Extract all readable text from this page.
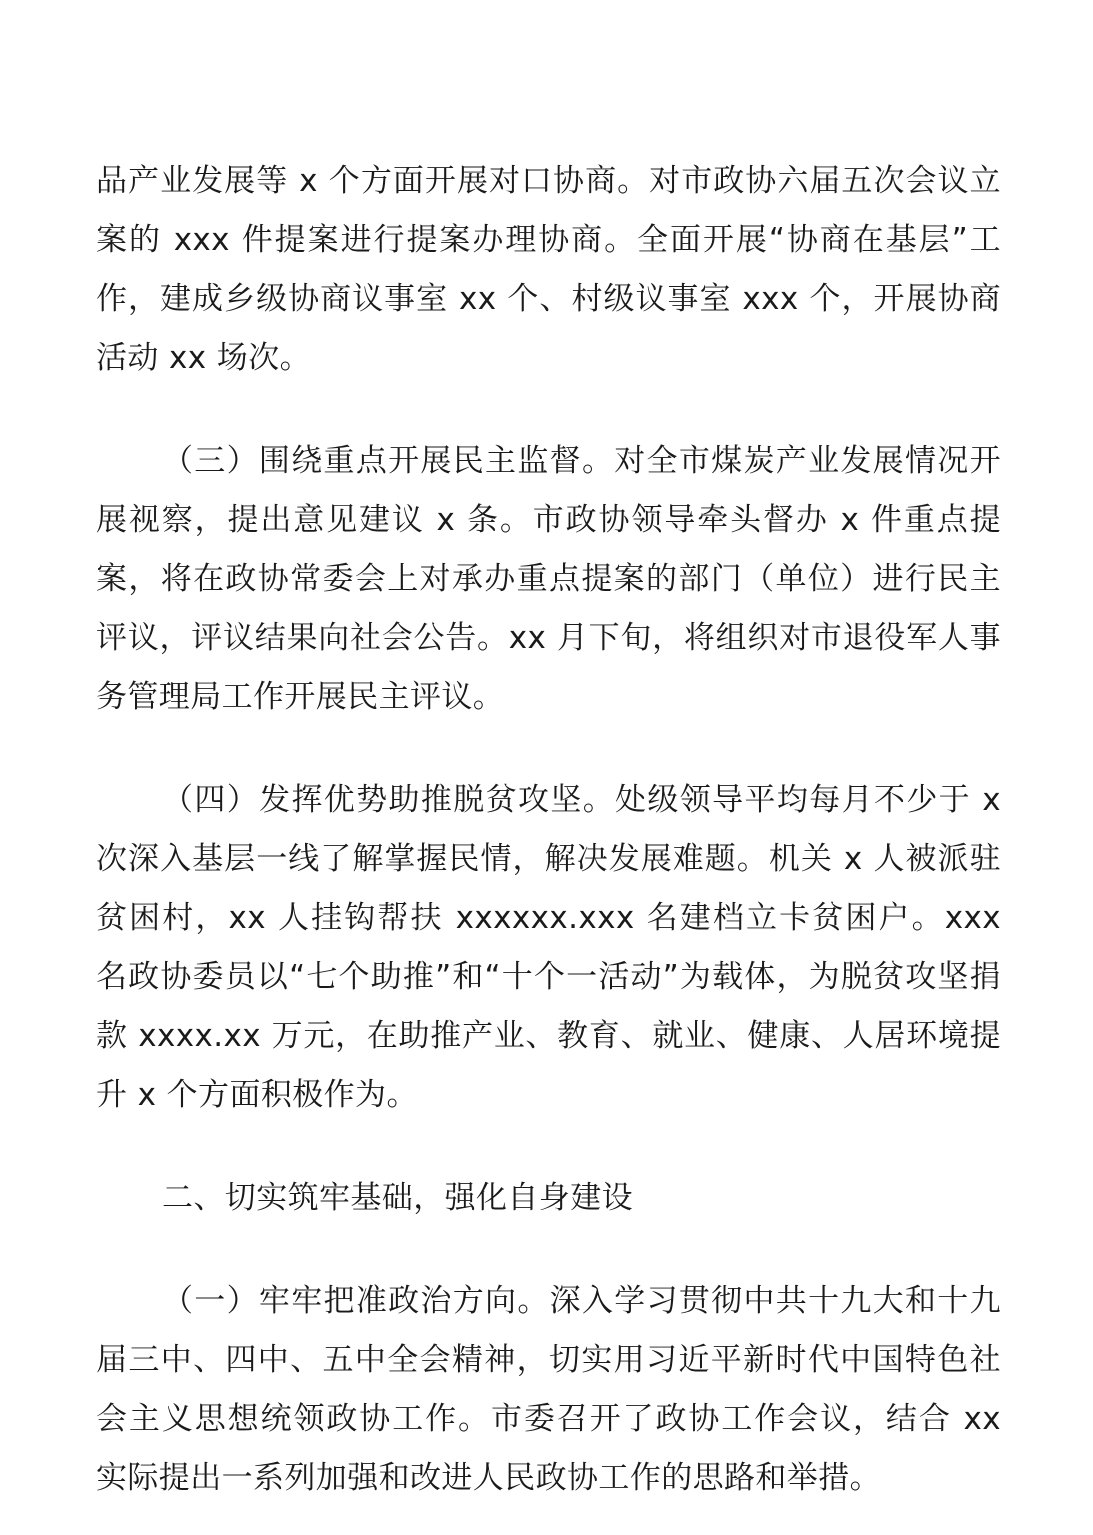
品产业发展等 x 个方面开展对口协商。对市政协六届五次会议立案的 xxx 件提案进行提案办理协商。全面开展“协商在基层”工作，建成乡级协商议事室 xx 个、村级议事室 xxx 个，开展协商活动 xx 场次。

（三）围绕重点开展民主监督。对全市煤炭产业发展情况开展视察，提出意见建议 x 条。市政协领导牵头督办 x 件重点提案，将在政协常委会上对承办重点提案的部门（单位）进行民主评议，评议结果向社会公告。xx 月下旬，将组织对市退役军人事务管理局工作开展民主评议。

（四）发挥优势助推脱贫攻坚。处级领导平均每月不少于 x 次深入基层一线了解掌握民情，解决发展难题。机关 x 人被派驻贫困村，xx 人挂钩帮扶 xxxxxx.xxx 名建档立卡贫困户。xxx 名政协委员以“七个助推”和“十个一活动”为载体，为脱贫攻坚捐款 xxxx.xx 万元，在助推产业、教育、就业、健康、人居环境提升 x 个方面积极作为。

二、切实筑牢基础，强化自身建设

（一）牢牢把准政治方向。深入学习贯彻中共十九大和十九届三中、四中、五中全会精神，切实用习近平新时代中国特色社会主义思想统领政协工作。市委召开了政协工作会议，结合 xx 实际提出一系列加强和改进人民政协工作的思路和举措。
